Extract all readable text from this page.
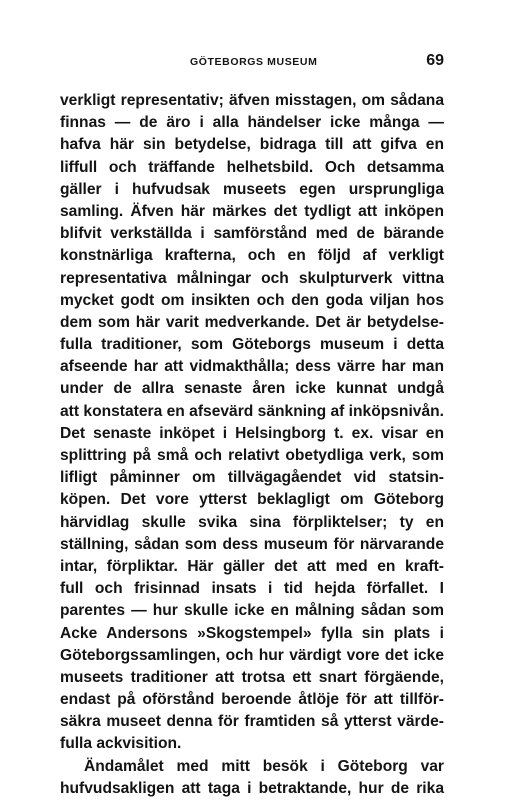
GÖTEBORGS MUSEUM	69
verkligt representativ; äfven misstagen, om sådana
finnas — de äro i alla händelser icke många —
hafva här sin betydelse, bidraga till att gifva en
liffull och träffande helhetsbild. Och detsamma
gäller i hufvudsak museets egen ursprungliga
samling. Äfven här märkes det tydligt att inköpen
blifvit verkställda i samförstånd med de bärande
konstnärliga krafterna, och en följd af verkligt
representativa målningar och skulpturverk vittna
mycket godt om insikten och den goda viljan hos
dem som här varit medverkande. Det är betydelse-
fulla traditioner, som Göteborgs museum i detta
afseende har att vidmakthålla; dess värre har man
under de allra senaste åren icke kunnat undgå
att konstatera en afsevärd sänkning af inköpsnivån.
Det senaste inköpet i Helsingborg t. ex. visar en
splittring på små och relativt obetydliga verk, som
lifligt påminner om tillvägagåendet vid statsin-
köpen. Det vore ytterst beklagligt om Göteborg
härvidlag skulle svika sina förpliktelser; ty en
ställning, sådan som dess museum för närvarande
intar, förpliktar. Här gäller det att med en kraft-
full och frisinnad insats i tid hejda förfallet. I
parentes — hur skulle icke en målning sådan som
Acke Andersons »Skogstempel» fylla sin plats i
Göteborgssamlingen, och hur värdigt vore det icke
museets traditioner att trotsa ett snart förgäende,
endast på oförstånd beroende åtlöje för att tillför-
säkra museet denna för framtiden så ytterst värde-
fulla ackvisition.
Ändamålet med mitt besök i Göteborg var
hufvudsakligen att taga i betraktande, hur de rika
